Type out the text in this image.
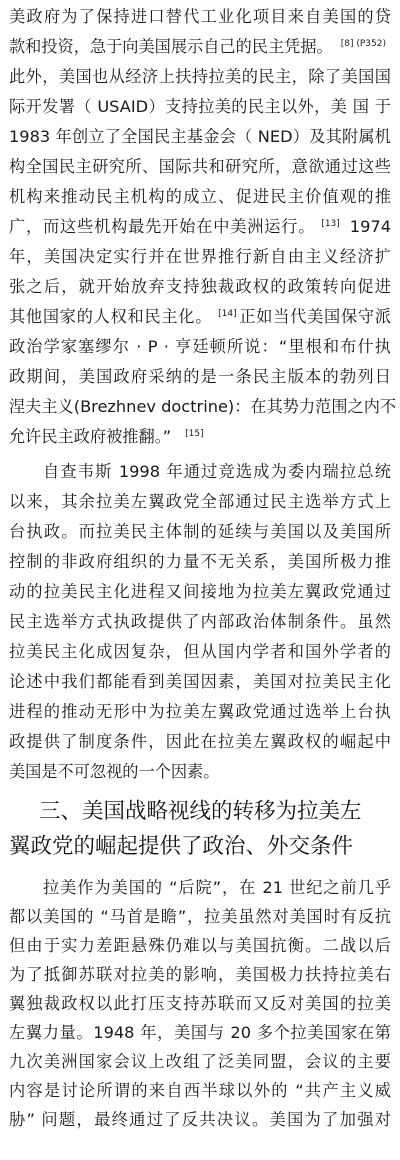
美政府为了保持进口替代工业化项目来自美国的贷
款和投资，急于向美国展示自己的民主凭据。 $^{[8] (P352)}$
此外，美国也从经济上扶持拉美的民主，除了美国国
际开发署（ USAID）支持拉美的民主以外，美 国 于
1983 年创立了全国民主基金会（ NED）及其附属机
构全国民主研究所、国际共和研究所，意欲通过这些
机构来推动民主机构的成立、促进民主价值观的推
广，而这些机构最先开始在中美洲运行。 [13] 1974
年，美国决定实行并在世界推行新自由主义经济扩
张之后，就开始放弃支持独裁政权的政策转向促进
其他国家的人权和民主化。 [14] 正如当代美国保守派
政治学家塞缪尔 · P · 亨廷顿所说：“里根和布什执
政期间，美国政府采纳的是一条民主版本的勃列日
涅夫主义(Brezhnev doctrine)：在其势力范围之内不
允许民主政府被推翻。” [15]
自查韦斯 1998 年通过竞选成为委内瑞拉总统
以来，其余拉美左翼政党全部通过民主选举方式上
台执政。而拉美民主体制的延续与美国以及美国所
控制的非政府组织的力量不无关系，美国所极力推
动的拉美民主化进程又间接地为拉美左翼政党通过
民主选举方式执政提供了内部政治体制条件。虽然
拉美民主化成因复杂，但从国内学者和国外学者的
论述中我们都能看到美国因素，美国对拉美民主化
进程的推动无形中为拉美左翼政党通过选举上台执
政提供了制度条件，因此在拉美左翼政权的崛起中
美国是不可忽视的一个因素。
三、美国战略视线的转移为拉美左
翼政党的崛起提供了政治、外交条件
拉美作为美国的 “后院”，在 21 世纪之前几乎
都以美国的 “马首是瞻”，拉美虽然对美国时有反抗
但由于实力差距悬殊仍难以与美国抗衡。二战以后
为了抵御苏联对拉美的影响，美国极力扶持拉美右
翼独裁政权以此打压支持苏联而又反对美国的拉美
左翼力量。1948 年，美国与 20 多个拉美国家在第
九次美洲国家会议上改组了泛美同盟，会议的主要
内容是讨论所谓的来自西半球以外的 “共产主义威
胁” 问题，最终通过了反共决议。美国为了加强对
